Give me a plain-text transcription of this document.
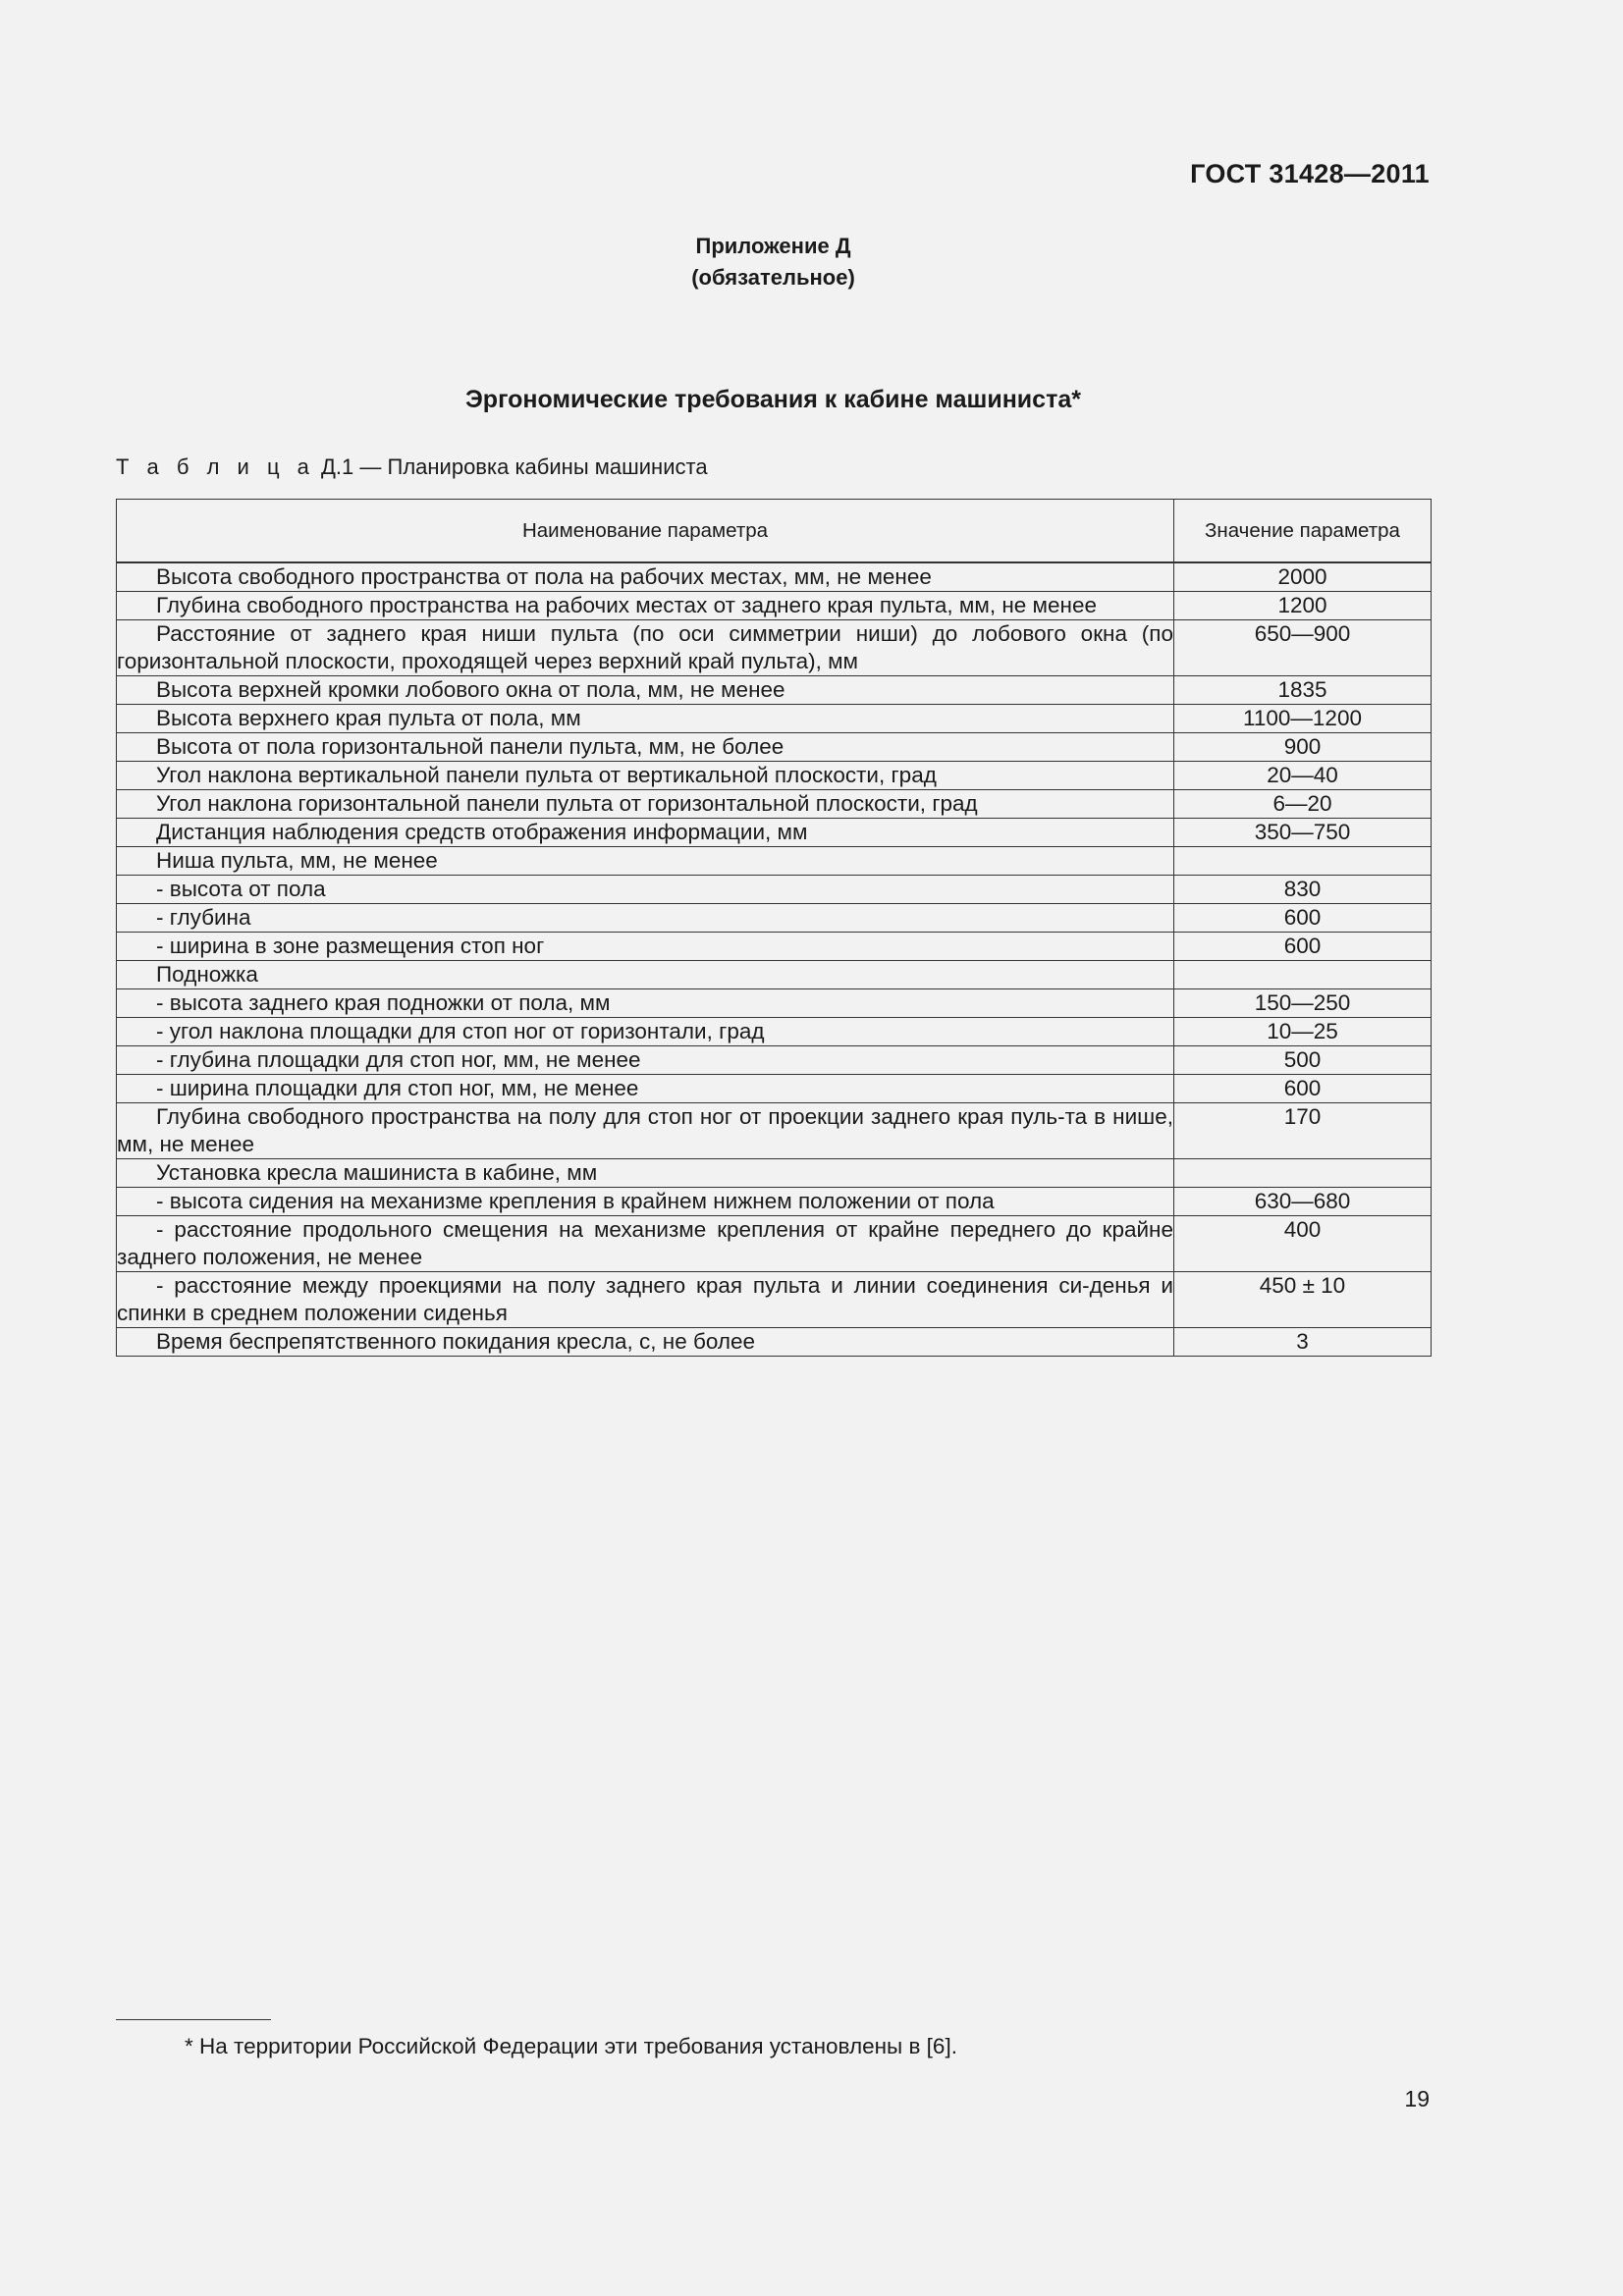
ГОСТ 31428—2011
Приложение Д
(обязательное)
Эргономические требования к кабине машиниста*
Т а б л и ц а Д.1 — Планировка кабины машиниста
Наименование параметра	Значение параметра
Высота свободного пространства от пола на рабочих местах, мм, не менее	2000
Глубина свободного пространства на рабочих местах от заднего края пульта, мм, не менее	1200
Расстояние от заднего края ниши пульта (по оси симметрии ниши) до лобового окна (по горизонтальной плоскости, проходящей через верхний край пульта), мм	650—900
Высота верхней кромки лобового окна от пола, мм, не менее	1835
Высота верхнего края пульта от пола, мм	1100—1200
Высота от пола горизонтальной панели пульта, мм, не более	900
Угол наклона вертикальной панели пульта от вертикальной плоскости, град	20—40
Угол наклона горизонтальной панели пульта от горизонтальной плоскости, град	6—20
Дистанция наблюдения средств отображения информации, мм	350—750
Ниша пульта, мм, не менее	
- высота от пола	830
- глубина	600
- ширина в зоне размещения стоп ног	600
Подножка	
- высота заднего края подножки от пола, мм	150—250
- угол наклона площадки для стоп ног от горизонтали, град	10—25
- глубина площадки для стоп ног, мм, не менее	500
- ширина площадки для стоп ног, мм, не менее	600
Глубина свободного пространства на полу для стоп ног от проекции заднего края пуль-та в нише, мм, не менее	170
Установка кресла машиниста в кабине, мм	
- высота сидения на механизме крепления в крайнем нижнем положении от пола	630—680
- расстояние продольного смещения на механизме крепления от крайне переднего до крайне заднего положения, не менее	400
- расстояние между проекциями на полу заднего края пульта и линии соединения си-денья и спинки в среднем положении сиденья	450 ± 10
Время беспрепятственного покидания кресла, с, не более	3
* На территории Российской Федерации эти требования установлены в [6].
19
